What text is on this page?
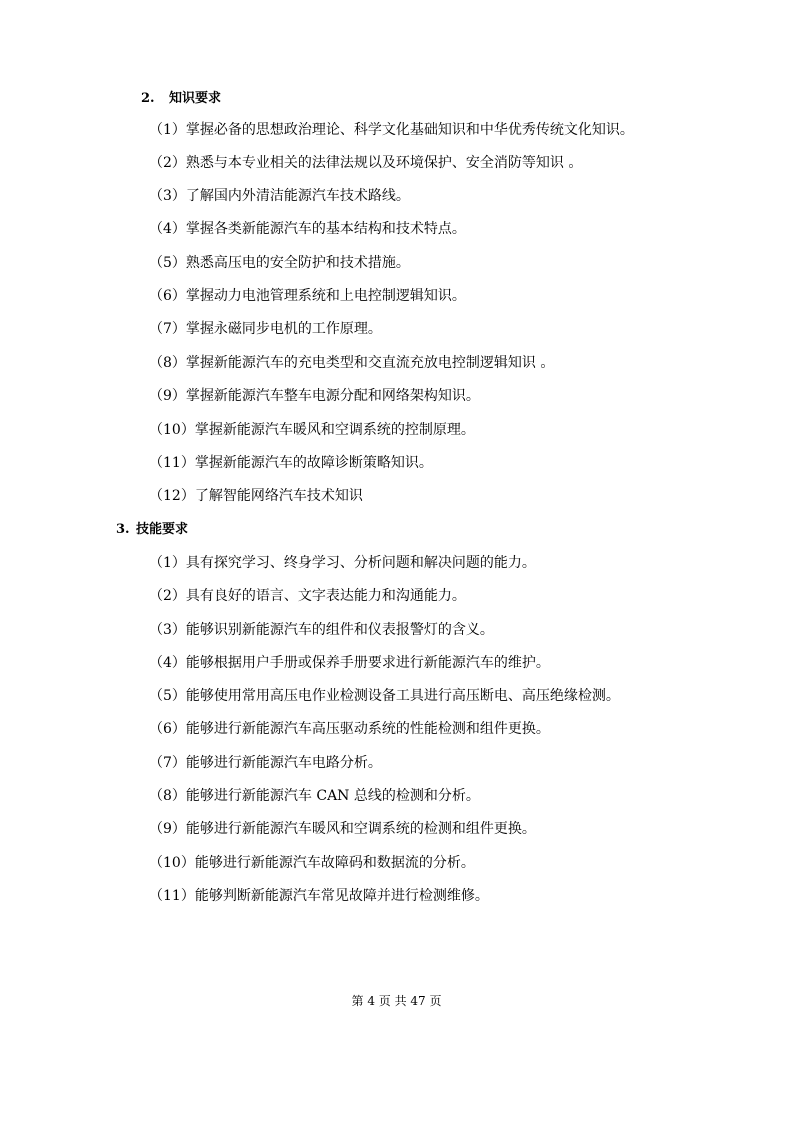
2. 知识要求
（1）掌握必备的思想政治理论、科学文化基础知识和中华优秀传统文化知识。
（2）熟悉与本专业相关的法律法规以及环境保护、安全消防等知识 。
（3）了解国内外清洁能源汽车技术路线。
（4）掌握各类新能源汽车的基本结构和技术特点。
（5）熟悉高压电的安全防护和技术措施。
（6）掌握动力电池管理系统和上电控制逻辑知识。
（7）掌握永磁同步电机的工作原理。
（8）掌握新能源汽车的充电类型和交直流充放电控制逻辑知识 。
（9）掌握新能源汽车整车电源分配和网络架构知识。
（10）掌握新能源汽车暖风和空调系统的控制原理。
（11）掌握新能源汽车的故障诊断策略知识。
（12）了解智能网络汽车技术知识
3. 技能要求
（1）具有探究学习、终身学习、分析问题和解决问题的能力。
（2）具有良好的语言、文字表达能力和沟通能力。
（3）能够识别新能源汽车的组件和仪表报警灯的含义。
（4）能够根据用户手册或保养手册要求进行新能源汽车的维护。
（5）能够使用常用高压电作业检测设备工具进行高压断电、高压绝缘检测。
（6）能够进行新能源汽车高压驱动系统的性能检测和组件更换。
（7）能够进行新能源汽车电路分析。
（8）能够进行新能源汽车 CAN 总线的检测和分析。
（9）能够进行新能源汽车暖风和空调系统的检测和组件更换。
（10）能够进行新能源汽车故障码和数据流的分析。
（11）能够判断新能源汽车常见故障并进行检测维修。
第 4 页 共 47 页
